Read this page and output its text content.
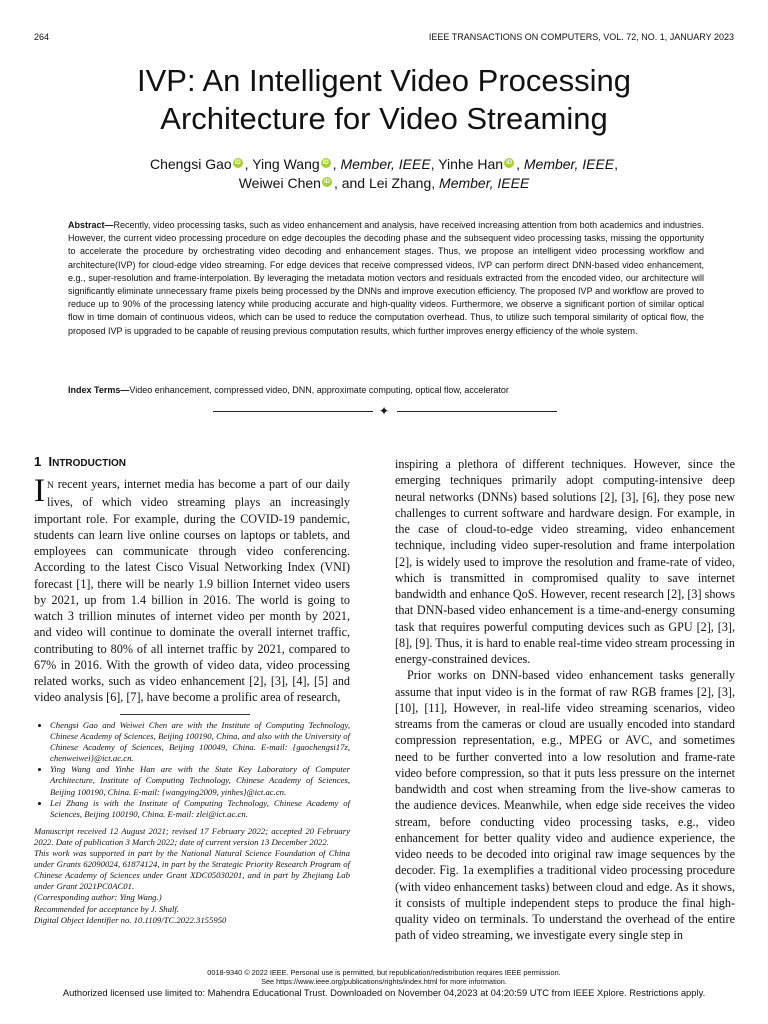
264	IEEE TRANSACTIONS ON COMPUTERS, VOL. 72, NO. 1, JANUARY 2023
IVP: An Intelligent Video Processing
Architecture for Video Streaming
Chengsi Gao iD , Ying Wang iD , Member, IEEE, Yinhe Han iD , Member, IEEE,
Weiwei Chen iD , and Lei Zhang, Member, IEEE
Abstract—Recently, video processing tasks, such as video enhancement and analysis, have received increasing attention from both academics and industries. However, the current video processing procedure on edge decouples the decoding phase and the subsequent video processing tasks, missing the opportunity to accelerate the procedure by orchestrating video decoding and enhancement stages. Thus, we propose an intelligent video processing workflow and architecture(IVP) for cloud-edge video streaming. For edge devices that receive compressed videos, IVP can perform direct DNN-based video enhancement, e.g., super-resolution and frame-interpolation. By leveraging the metadata motion vectors and residuals extracted from the encoded video, our architecture will significantly eliminate unnecessary frame pixels being processed by the DNNs and improve execution efficiency. The proposed IVP and workflow are proved to reduce up to 90% of the processing latency while producing accurate and high-quality videos. Furthermore, we observe a significant portion of similar optical flow in time domain of continuous videos, which can be used to reduce the computation overhead. Thus, to utilize such temporal similarity of optical flow, the proposed IVP is upgraded to be capable of reusing previous computation results, which further improves energy efficiency of the whole system.
Index Terms—Video enhancement, compressed video, DNN, approximate computing, optical flow, accelerator
✦
1 INTRODUCTION
I N recent years, internet media has become a part of our daily lives, of which video streaming plays an increasingly important role. For example, during the COVID-19 pandemic, students can learn live online courses on laptops or tablets, and employees can communicate through video conferencing. According to the latest Cisco Visual Networking Index (VNI) forecast [1], there will be nearly 1.9 billion Internet video users by 2021, up from 1.4 billion in 2016. The world is going to watch 3 trillion minutes of internet video per month by 2021, and video will continue to dominate the overall internet traffic, contributing to 80% of all internet traffic by 2021, compared to 67% in 2016. With the growth of video data, video processing related works, such as video enhancement [2], [3], [4], [5] and video analysis [6], [7], have become a prolific area of research,

inspiring a plethora of different techniques. However, since the emerging techniques primarily adopt computing-intensive deep neural networks (DNNs) based solutions [2], [3], [6], they pose new challenges to current software and hardware design. For example, in the case of cloud-to-edge video streaming, video enhancement technique, including video super-resolution and frame interpolation [2], is widely used to improve the resolution and frame-rate of video, which is transmitted in compromised quality to save internet bandwidth and enhance QoS. However, recent research [2], [3] shows that DNN-based video enhancement is a time-and-energy consuming task that requires powerful computing devices such as GPU [2], [3], [8], [9]. Thus, it is hard to enable real-time video stream processing in energy-constrained devices.

Prior works on DNN-based video enhancement tasks generally assume that input video is in the format of raw RGB frames [2], [3], [10], [11], However, in real-life video streaming scenarios, video streams from the cameras or cloud are usually encoded into standard compression representation, e.g., MPEG or AVC, and sometimes need to be further converted into a low resolution and frame-rate video before compression, so that it puts less pressure on the internet bandwidth and cost when streaming from the live-show cameras to the audience devices. Meanwhile, when edge side receives the video stream, before conducting video processing tasks, e.g., video enhancement for better quality video and audience experience, the video needs to be decoded into original raw image sequences by the decoder. Fig. 1a exemplifies a traditional video processing procedure (with video enhancement tasks) between cloud and edge. As it shows, it consists of multiple independent steps to produce the final high-quality video on terminals. To understand the overhead of the entire path of video streaming, we investigate every single step in

• Chengsi Gao and Weiwei Chen are with the Institute of Computing Technology, Chinese Academy of Sciences, Beijing 100190, China, and also with the University of Chinese Academy of Sciences, Beijing 100049, China. E-mail: {gaochengsi17z, chenweiwei}@ict.ac.cn.
• Ying Wang and Yinhe Han are with the State Key Laboratory of Computer Architecture, Institute of Computing Technology, Chinese Academy of Sciences, Beijing 100190, China. E-mail: {wangying2009, yinhes}@ict.ac.cn.
• Lei Zhang is with the Institute of Computing Technology, Chinese Academy of Sciences, Beijing 100190, China. E-mail: zlei@ict.ac.cn.
Manuscript received 12 August 2021; revised 17 February 2022; accepted 20 February 2022. Date of publication 3 March 2022; date of current version 13 December 2022.
This work was supported in part by the National Natural Science Foundation of China under Grants 62090024, 61874124, in part by the Strategic Priority Research Program of Chinese Academy of Sciences under Grant XDC05030201, and in part by Zhejiang Lab under Grant 2021PC0AC01.
(Corresponding author: Ying Wang.)
Recommended for acceptance by J. Shalf.
Digital Object Identifier no. 10.1109/TC.2022.3155950
0018-9340 © 2022 IEEE. Personal use is permitted, but republication/redistribution requires IEEE permission.
See https://www.ieee.org/publications/rights/index.html for more information.
Authorized licensed use limited to: Mahendra Educational Trust. Downloaded on November 04,2023 at 04:20:59 UTC from IEEE Xplore. Restrictions apply.
